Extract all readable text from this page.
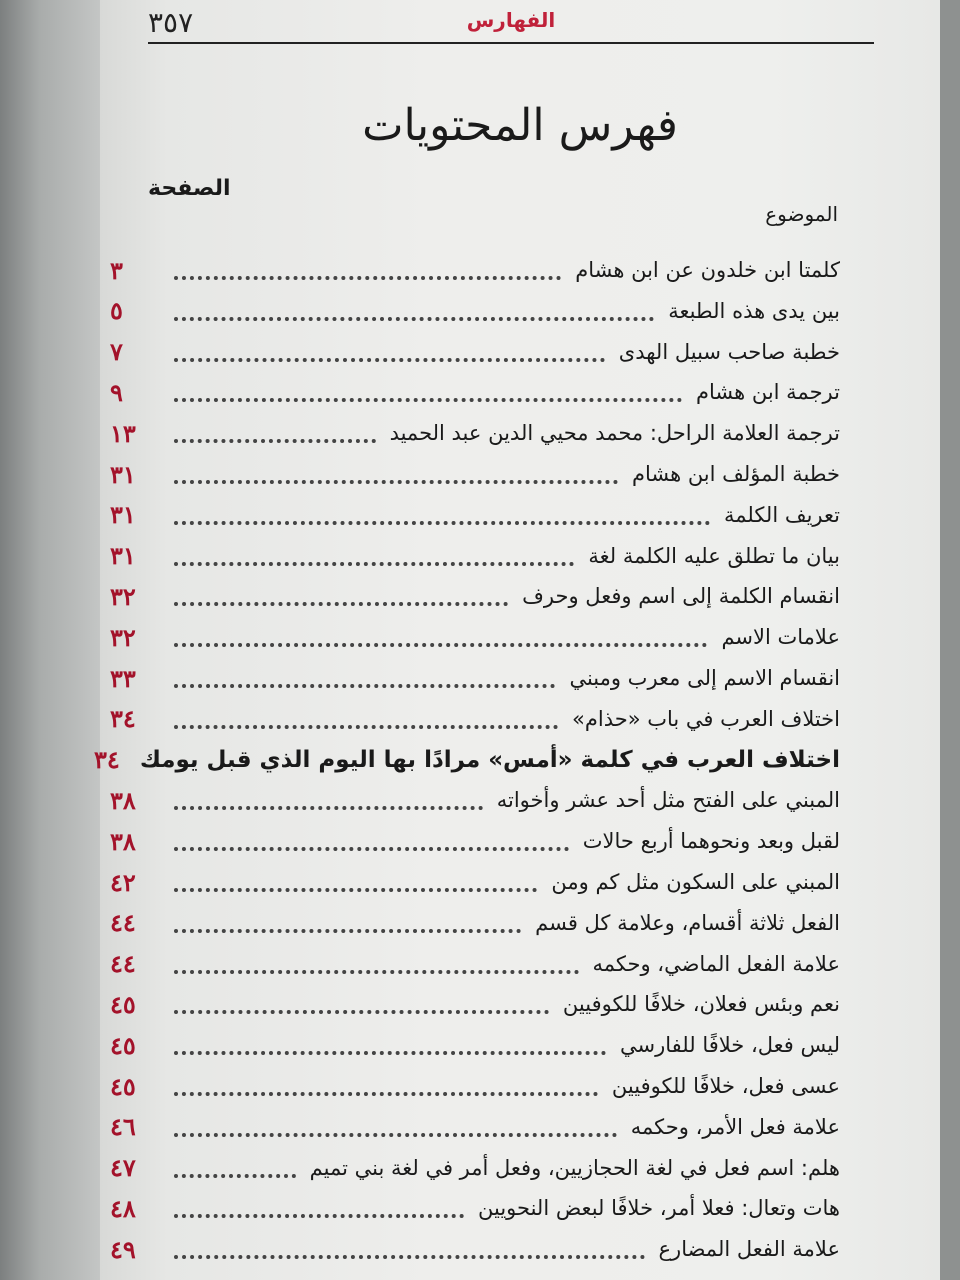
٣٥٧	الفهارس
فهرس المحتويات
الصفحة
الموضوع
كلمتا ابن خلدون عن ابن هشام
٣
بين يدى هذه الطبعة
٥
خطبة صاحب سبيل الهدى
٧
ترجمة ابن هشام
٩
ترجمة العلامة الراحل: محمد محيي الدين عبد الحميد
١٣
خطبة المؤلف ابن هشام
٣١
تعريف الكلمة
٣١
بيان ما تطلق عليه الكلمة لغة
٣١
انقسام الكلمة إلى اسم وفعل وحرف
٣٢
علامات الاسم
٣٢
انقسام الاسم إلى معرب ومبني
٣٣
اختلاف العرب في باب «حذام»
٣٤
اختلاف العرب في كلمة «أمس» مرادًا بها اليوم الذي قبل يومك
٣٤
المبني على الفتح مثل أحد عشر وأخواته
٣٨
لقبل وبعد ونحوهما أربع حالات
٣٨
المبني على السكون مثل كم ومن
٤٢
الفعل ثلاثة أقسام، وعلامة كل قسم
٤٤
علامة الفعل الماضي، وحكمه
٤٤
نعم وبئس فعلان، خلافًا للكوفيين
٤٥
ليس فعل، خلافًا للفارسي
٤٥
عسى فعل، خلافًا للكوفيين
٤٥
علامة فعل الأمر، وحكمه
٤٦
هلم: اسم فعل في لغة الحجازيين، وفعل أمر في لغة بني تميم
٤٧
هات وتعال: فعلا أمر، خلافًا لبعض النحويين
٤٨
علامة الفعل المضارع
٤٩
